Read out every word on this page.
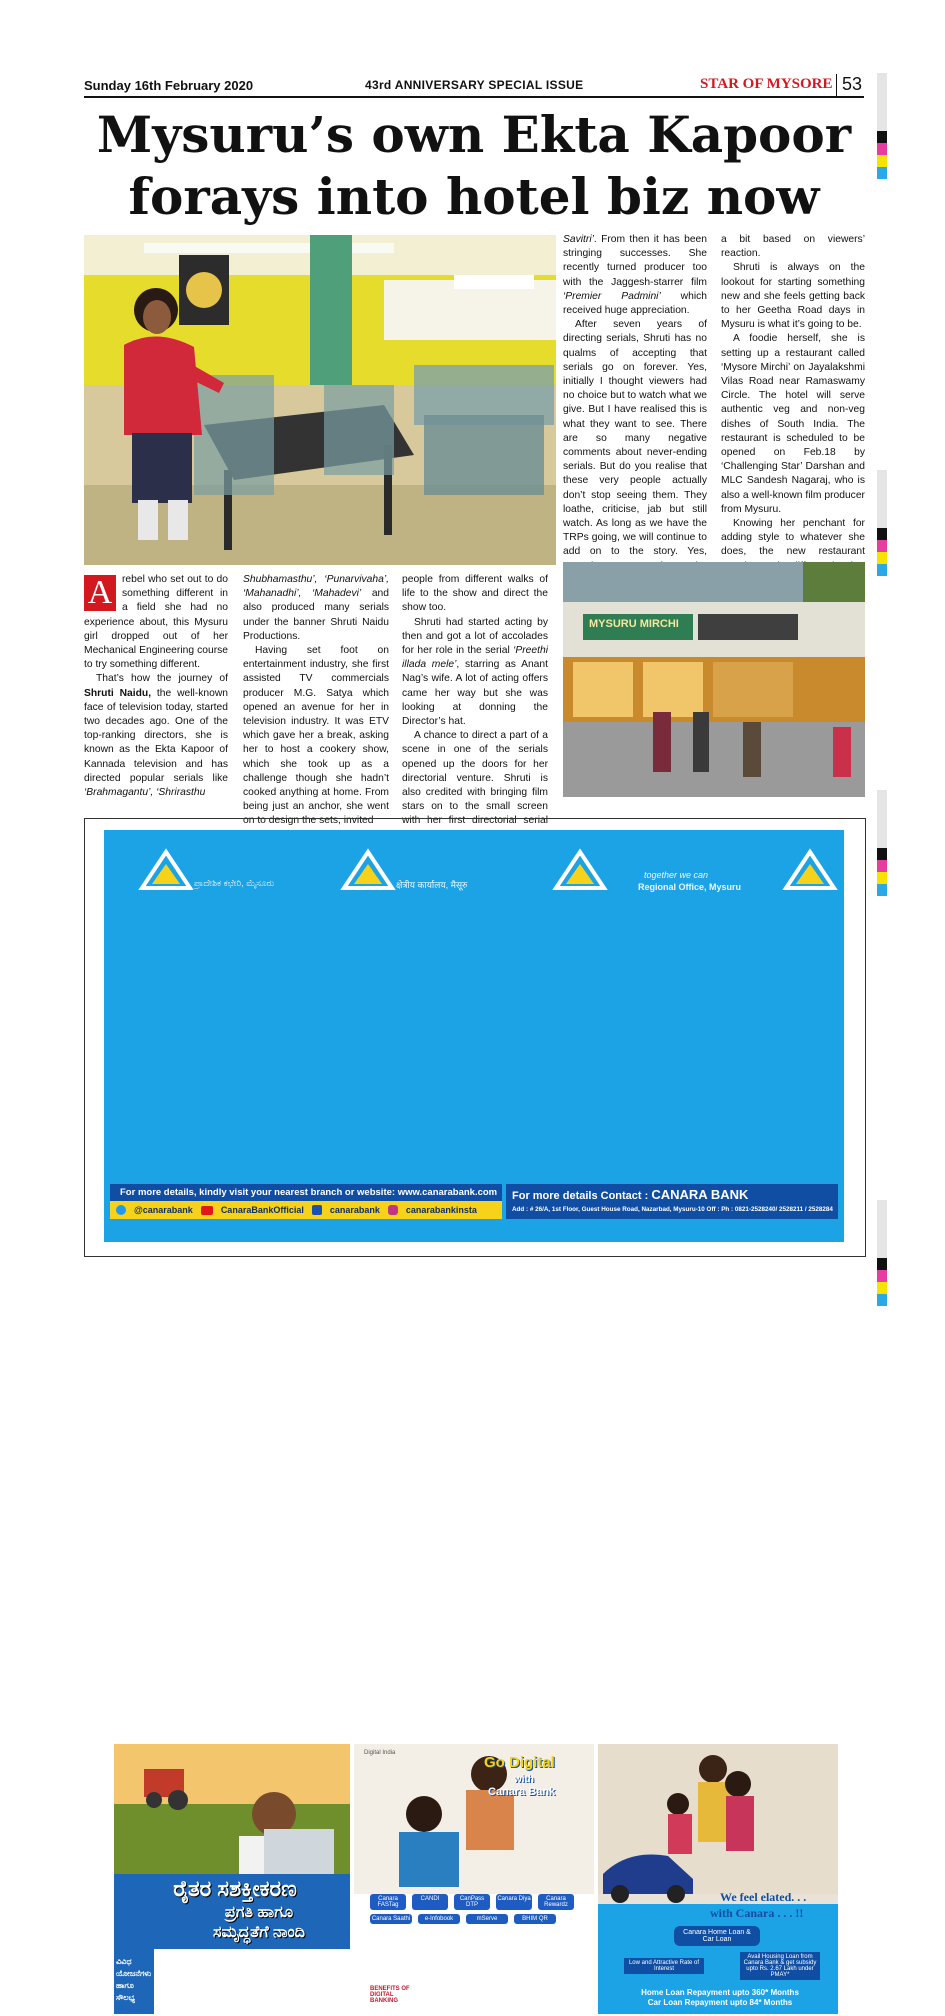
Sunday 16th February 2020	43rd ANNIVERSARY SPECIAL ISSUE	STAR OF MYSORE 53
Mysuru’s own Ekta Kapoor
forays into hotel biz now

Savitri’. From then it has been stringing successes. She recently turned producer too with the Jaggesh-starrer film ‘Premier Padmini’ which received huge appreciation.

After seven years of directing serials, Shruti has no qualms of accepting that serials go on forever. Yes, initially I thought viewers had no choice but to watch what we give. But I have realised this is what they want to see. There are so many negative comments about never-ending serials. But do you realise that these very people actually don’t stop seeing them. They loathe, criticise, jab but still watch. As long as we have the TRPs going, we will continue to add on to the story. Yes,

a bit based on viewers’ reaction.

Shruti is always on the lookout for starting something new and she feels getting back to her Geetha Road days in Mysuru is what it’s going to be.

A foodie herself, she is setting up a restaurant called ‘Mysore Mirchi’ on Jayalakshmi Vilas Road near Ramaswamy Circle. The hotel will serve authentic veg and non-veg dishes of South India. The restaurant is scheduled to be opened on Feb.18 by ‘Challenging Star’ Darshan and MLC Sandesh Nagaraj, who is also a well-known film producer from Mysuru.

Knowing her penchant for adding style to whatever she does, the new restaurant

MYSURU MIRCHI

A rebel who set out to do something different in a field she had no experience about, this Mysuru girl dropped out of her Mechanical Engineering course to try something different.

That’s how the journey of Shruti Naidu, the well-known face of television today, started two decades ago. One of the top-ranking directors, she is known as the Ekta Kapoor of Kannada television and has directed popular serials like ‘Brahmagantu’, ‘Shrirasthu

Shubhamasthu’, ‘Punarvivaha’, ‘Mahanadhi’, ‘Mahadevi’ and also produced many serials under the banner Shruti Naidu Productions.

Having set foot on entertainment industry, she first assisted TV commercials producer M.G. Satya which opened an avenue for her in television industry. It was ETV which gave her a break, asking her to host a cookery show, which she took up as a challenge though she hadn’t cooked anything at home. From being just an anchor, she went on to design the sets, invited

people from different walks of life to the show and direct the show too.

Shruti had started acting by then and got a lot of accolades for her role in the serial ‘Preethi illada mele’, starring as Anant Nag’s wife. A lot of acting offers came her way but she was looking at donning the Director’s hat.

A chance to direct a part of a scene in one of the serials opened up the doors for her directorial venture. Shruti is also credited with bringing film stars on to the small screen with her first directorial serial

ಪ್ರಾದೇಶಿಕ ಕಛೇರಿ, ಮೈಸೂರು	क्षेत्रीय कार्यालय, मैसूरु
together we can
Regional Office, Mysuru
ರೈತರ ಸಶಕ್ತೀಕರಣ
ಪ್ರಗತಿ ಹಾಗೂ
ಸಮೃದ್ಧತೆಗೆ ನಾಂದಿ
ವಿವಿಧ ಯೋಜನೆಗಳು ಹಾಗೂ ಸೌಲಭ್ಯ
Digital India
Go Digital
with
Canara Bank
Canara FASTag
CANDI	CanPass DTP
Canara Diya	Canara Rewardz
Canara Saathi	e-Infobook	mServe	BHIM QR
BENEFITS OF DIGITAL BANKING
We feel elated. . .
with Canara . . . !!
Canara Home Loan & Car Loan
Low and Attractive Rate of Interest
Avail Housing Loan from Canara Bank & get subsidy upto Rs. 2.67 Lakh under PMAY*
Home Loan Repayment upto 360* Months
Car Loan Repayment upto 84* Months
For more details, kindly visit your nearest branch or website: www.canarabank.com
@canarabank	CanaraBankOfficial	canarabank	canarabankinsta
For more details Contact : CANARA BANK
Add : # 26/A, 1st Floor, Guest House Road, Nazarbad, Mysuru-10 Off : Ph : 0821-2528240/ 2528211 / 2528284
